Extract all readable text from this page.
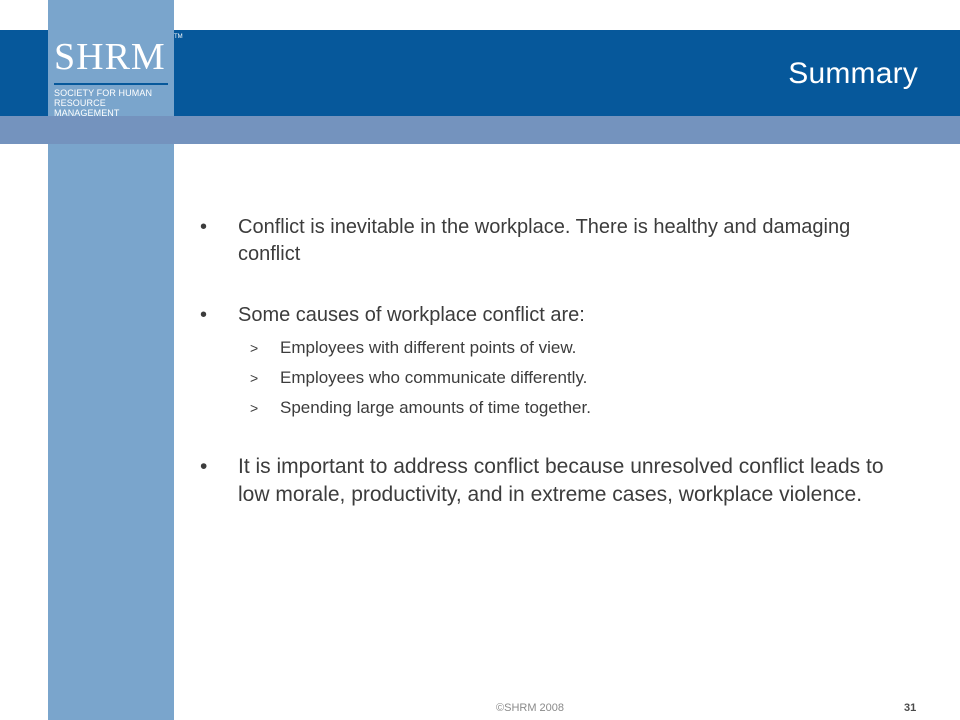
SHRM TM
SOCIETY FOR HUMAN RESOURCE MANAGEMENT
Summary
• Conflict is inevitable in the workplace. There is healthy and damaging conflict
• Some causes of workplace conflict are:
> Employees with different points of view.
> Employees who communicate differently.
> Spending large amounts of time together.
• It is important to address conflict because unresolved conflict leads to low morale, productivity, and in extreme cases, workplace violence.
©SHRM 2008	31
